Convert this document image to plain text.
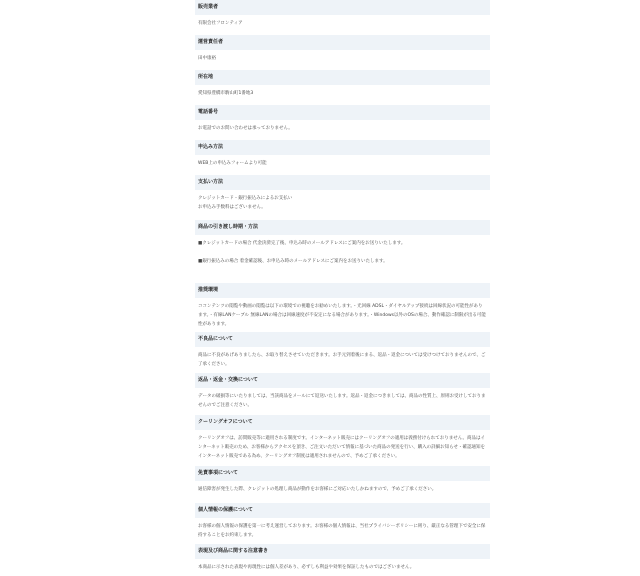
販売業者

有限会社フロンティア

運営責任者

田中康裕

所在地

愛知県豊橋市駒山町1番地3

電話番号

お電話でのお問い合わせは承っておりません。

申込み方法

WEB上の申込みフォームより可能

支払い方法

クレジットカード・銀行振込みによるお支払い

お申込み手数料はございません。

商品の引き渡し時期・方法

■クレジットカードの場合 代金決済完了後、申込み時のメールアドレスにご案内をお送りいたします。

■銀行振込みの場合 着金確認後、お申込み時のメールアドレスにご案内をお送りいたします。

推奨環境

ココンテンツの閲覧や動画の閲覧は以下の環境での視聴をお勧めいたします。・光回線 ADSL・ダイヤルアップ接続は回線状況の可能性があります。・有線LANケーブル 無線LANの場合は回線速度が不安定になる場合があります。・Windows以外のOSの場合、動作確認に制限が出る可能性があります。

不良品について

商品に不良があげありましたら、お取り替えさせていただきます。お手元到着後にまる、返品・返金については受けつけておりませんので、ご了承ください。

返品・返金・交換について

データの破損等にいたりましては、当該商品をメールにて返送いたします。返品・返金につきましては、商品の性質上、原則お受けしておりませんのでご注意ください。

クーリングオフについて

クーリングオフは、訪問販売等に適用される制度です。インターネット販売にはクーリングオフの適用は義務付けられておりません。商品はインターネット販売のため、お客様からアクセスを頂き、ご注文いただいて情報に基づいた商品の発送を行い、購入の詳細お知らせ・確認通知をインターネット販売である為め、クーリングオフ制度は適用されませんので、予めご了承ください。

免責事項について

通信障害が発生した際、クレジットの処理し商品が動作をお客様にご対応いたしかねますので、予めご了承ください。

個人情報の保護について

お客様の個人情報の保護を第一に考え運営しております。お客様の個人情報は、当社プライバシーポリシーに則り、厳正なる管理下で安全に保持することをお約束します。

表現及び商品に関する注意書き

本商品に示された表現や再現性には個人差があり、必ずしも利益や効果を保証したものではございません。
